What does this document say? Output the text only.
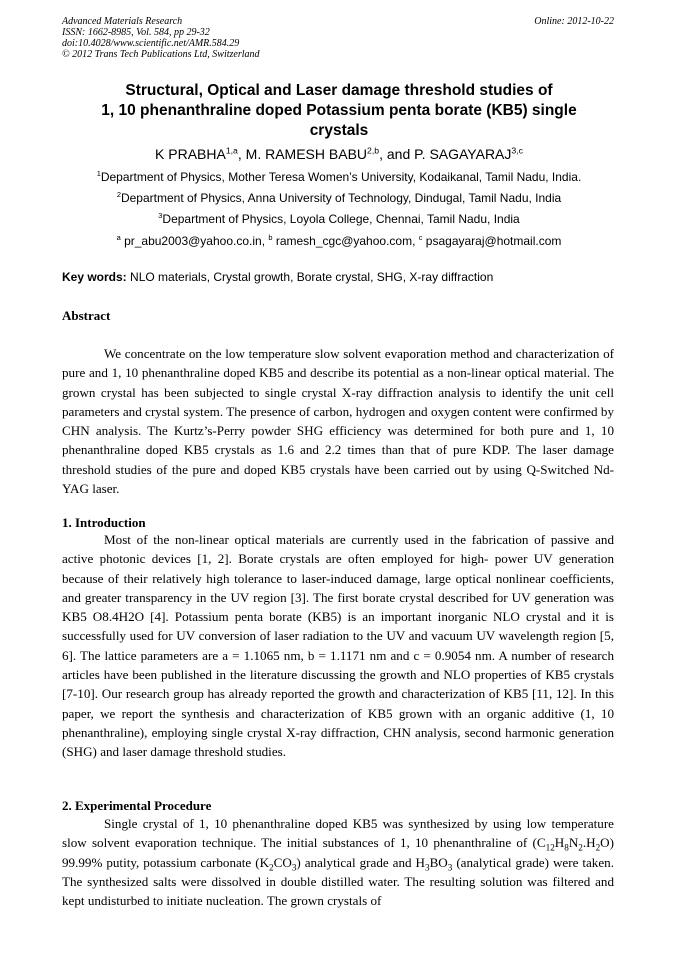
Advanced Materials Research
ISSN: 1662-8985, Vol. 584, pp 29-32
doi:10.4028/www.scientific.net/AMR.584.29
© 2012 Trans Tech Publications Ltd, Switzerland
Online: 2012-10-22
Structural, Optical and Laser damage threshold studies of
1, 10 phenanthraline doped Potassium penta borate (KB5) single
crystals
K PRABHA$^{1,a}$, M. RAMESH BABU$^{2,b}$, and P. SAGAYARAJ$^{3,c}$
$^1$Department of Physics, Mother Teresa Women’s University, Kodaikanal, Tamil Nadu, India.
$^2$Department of Physics, Anna University of Technology, Dindugal, Tamil Nadu, India
$^3$Department of Physics, Loyola College, Chennai, Tamil Nadu, India
$^a$ pr_abu2003@yahoo.co.in, $^b$ ramesh_cgc@yahoo.com, $^c$ psagayaraj@hotmail.com
Key words: NLO materials, Crystal growth, Borate crystal, SHG, X-ray diffraction
Abstract

We concentrate on the low temperature slow solvent evaporation method and characterization of pure and 1, 10 phenanthraline doped KB5 and describe its potential as a non-linear optical material. The grown crystal has been subjected to single crystal X-ray diffraction analysis to identify the unit cell parameters and crystal system. The presence of carbon, hydrogen and oxygen content were confirmed by CHN analysis. The Kurtz’s-Perry powder SHG efficiency was determined for both pure and 1, 10 phenanthraline doped KB5 crystals as 1.6 and 2.2 times than that of pure KDP. The laser damage threshold studies of the pure and doped KB5 crystals have been carried out by using Q-Switched Nd-YAG laser.

1. Introduction

Most of the non-linear optical materials are currently used in the fabrication of passive and active photonic devices [1, 2]. Borate crystals are often employed for high- power UV generation because of their relatively high tolerance to laser-induced damage, large optical nonlinear coefficients, and greater transparency in the UV region [3]. The first borate crystal described for UV generation was KB5 O8.4H2O [4]. Potassium penta borate (KB5) is an important inorganic NLO crystal and it is successfully used for UV conversion of laser radiation to the UV and vacuum UV wavelength region [5, 6]. The lattice parameters are a = 1.1065 nm, b = 1.1171 nm and c = 0.9054 nm. A number of research articles have been published in the literature discussing the growth and NLO properties of KB5 crystals [7-10]. Our research group has already reported the growth and characterization of KB5 [11, 12]. In this paper, we report the synthesis and characterization of KB5 grown with an organic additive (1, 10 phenanthraline), employing single crystal X-ray diffraction, CHN analysis, second harmonic generation (SHG) and laser damage threshold studies.

2. Experimental Procedure

Single crystal of 1, 10 phenanthraline doped KB5 was synthesized by using low temperature slow solvent evaporation technique. The initial substances of 1, 10 phenanthraline of $(C_{12}H_8N_2.H_2O)$ 99.99% putity, potassium carbonate $(K_2CO_3)$ analytical grade and $H_3BO_3$ (analytical grade) were taken. The synthesized salts were dissolved in double distilled water. The resulting solution was filtered and kept undisturbed to initiate nucleation. The grown crystals of
